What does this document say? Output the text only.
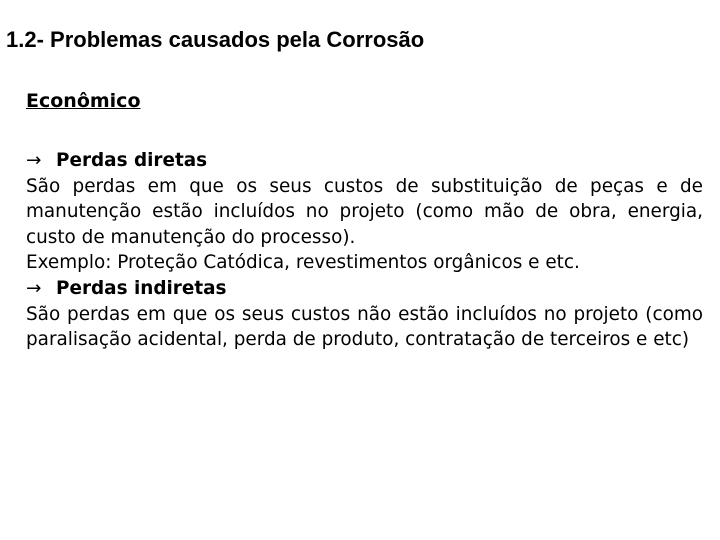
1.2- Problemas causados pela Corrosão
Econômico
→ Perdas diretas
São perdas em que os seus custos de substituição de peças e de manutenção estão incluídos no projeto (como mão de obra, energia, custo de manutenção do processo).
Exemplo: Proteção Catódica, revestimentos orgânicos e etc.
→ Perdas indiretas
São perdas em que os seus custos não estão incluídos no projeto (como paralisação acidental, perda de produto, contratação de terceiros e etc)
